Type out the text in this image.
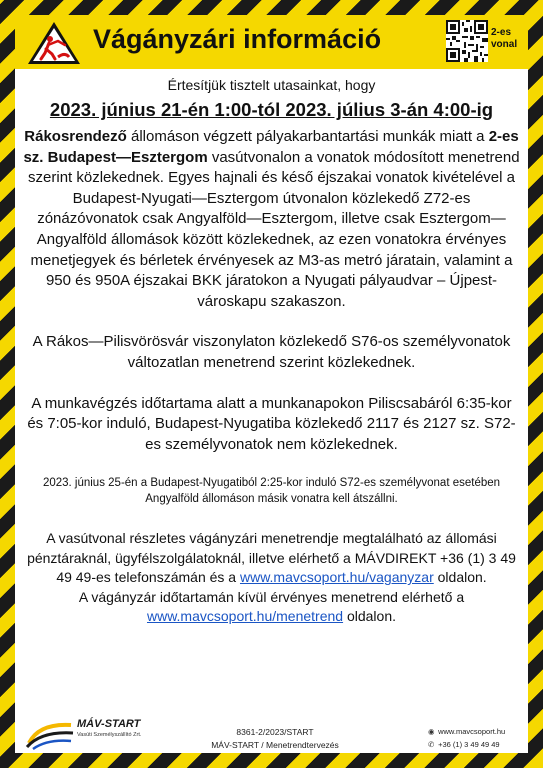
Vágányzári információ	2-es vonal
Értesítjük tisztelt utasainkat, hogy
2023. június 21-én 1:00-tól 2023. július 3-án 4:00-ig
Rákosrendező állomáson végzett pályakarbantartási munkák miatt a 2-es sz. Budapest—Esztergom vasútvonalon a vonatok módosított menetrend szerint közlekednek. Egyes hajnali és késő éjszakai vonatok kivételével a Budapest-Nyugati—Esztergom útvonalon közlekedő Z72-es zónázóvonatok csak Angyalföld—Esztergom, illetve csak Esztergom—Angyalföld állomások között közlekednek, az ezen vonatokra érvényes menetjegyek és bérletek érvényesek az M3-as metró járatain, valamint a 950 és 950A éjszakai BKK járatokon a Nyugati pályaudvar – Újpest-városkapu szakaszon.
A Rákos—Pilisvörösvár viszonylaton közlekedő S76-os személyvonatok változatlan menetrend szerint közlekednek.
A munkavégzés időtartama alatt a munkanapokon Piliscsabáról 6:35-kor és 7:05-kor induló, Budapest-Nyugatiba közlekedő 2117 és 2127 sz. S72-es személyvonatok nem közlekednek.
2023. június 25-én a Budapest-Nyugatiból 2:25-kor induló S72-es személyvonat esetében Angyalföld állomáson másik vonatra kell átszállni.
A vasútvonal részletes vágányzári menetrendje megtalálható az állomási pénztáraknál, ügyfélszolgálatoknál, illetve elérhető a MÁVDIREKT +36 (1) 3 49 49 49-es telefonszámán és a www.mavcsoport.hu/vaganyzar oldalon.
A vágányzár időtartamán kívül érvényes menetrend elérhető a www.mavcsoport.hu/menetrend oldalon.
MÁV-START
Vasúti Személyszállító Zrt.	8361-2/2023/START
MÁV-START / Menetrendtervezés
◉ www.mavcsoport.hu
✆ +36 (1) 3 49 49 49
